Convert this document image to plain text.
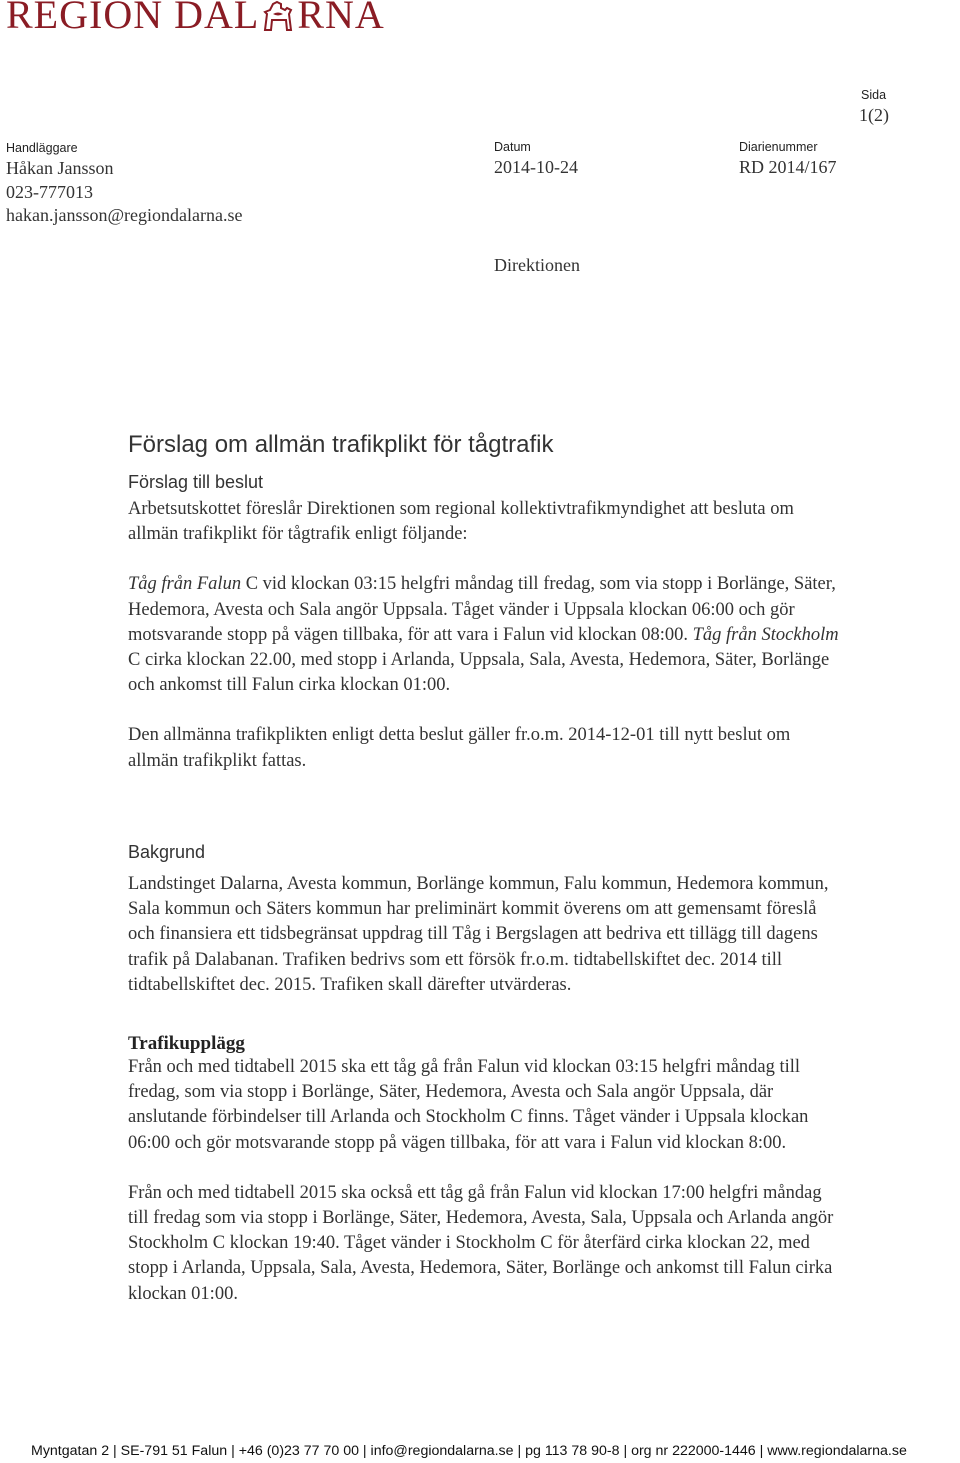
REGION DAL RNA
Sida
1(2)
Handläggare
Håkan Jansson
023-777013
hakan.jansson@regiondalarna.se
Datum
2014-10-24
Diarienummer
RD 2014/167
Direktionen
Förslag om allmän trafikplikt för tågtrafik
Förslag till beslut

Arbetsutskottet föreslår Direktionen som regional kollektivtrafikmyndighet att besluta om allmän trafikplikt för tågtrafik enligt följande:

Tåg från Falun C vid klockan 03:15 helgfri måndag till fredag, som via stopp i Borlänge, Säter, Hedemora, Avesta och Sala angör Uppsala. Tåget vänder i Uppsala klockan 06:00 och gör motsvarande stopp på vägen tillbaka, för att vara i Falun vid klockan 08:00. Tåg från Stockholm C cirka klockan 22.00, med stopp i Arlanda, Uppsala, Sala, Avesta, Hedemora, Säter, Borlänge och ankomst till Falun cirka klockan 01:00.

Den allmänna trafikplikten enligt detta beslut gäller fr.o.m. 2014-12-01 till nytt beslut om allmän trafikplikt fattas.

Bakgrund

Landstinget Dalarna, Avesta kommun, Borlänge kommun, Falu kommun, Hedemora kommun, Sala kommun och Säters kommun har preliminärt kommit överens om att gemensamt föreslå och finansiera ett tidsbegränsat uppdrag till Tåg i Bergslagen att bedriva ett tillägg till dagens trafik på Dalabanan. Trafiken bedrivs som ett försök fr.o.m. tidtabellskiftet dec. 2014 till tidtabellskiftet dec. 2015. Trafiken skall därefter utvärderas.

Trafikupplägg

Från och med tidtabell 2015 ska ett tåg gå från Falun vid klockan 03:15 helgfri måndag till fredag, som via stopp i Borlänge, Säter, Hedemora, Avesta och Sala angör Uppsala, där anslutande förbindelser till Arlanda och Stockholm C finns. Tåget vänder i Uppsala klockan 06:00 och gör motsvarande stopp på vägen tillbaka, för att vara i Falun vid klockan 8:00.

Från och med tidtabell 2015 ska också ett tåg gå från Falun vid klockan 17:00 helgfri måndag till fredag som via stopp i Borlänge, Säter, Hedemora, Avesta, Sala, Uppsala och Arlanda angör Stockholm C klockan 19:40. Tåget vänder i Stockholm C för återfärd cirka klockan 22, med stopp i Arlanda, Uppsala, Sala, Avesta, Hedemora, Säter, Borlänge och ankomst till Falun cirka klockan 01:00.

Myntgatan 2 | SE-791 51 Falun | +46 (0)23 77 70 00 | info@regiondalarna.se | pg 113 78 90-8 | org nr 222000-1446 | www.regiondalarna.se
